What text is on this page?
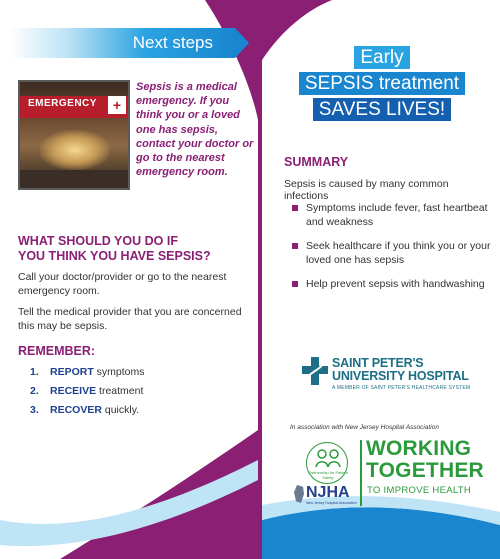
Next steps
EMERGENCY	+

Sepsis is a medical emergency. If you think you or a loved one has sepsis, contact your doctor or go to the nearest emergency room.

WHAT SHOULD YOU DO IF
YOU THINK YOU HAVE SEPSIS?

Call your doctor/provider or go to the nearest emergency room.

Tell the medical provider that you are concerned this may be sepsis.

REMEMBER:
1. REPORT symptoms
2. RECEIVE treatment
3. RECOVER quickly.
Early
SEPSIS treatment
SAVES LIVES!
SUMMARY

Sepsis is caused by many common infections

Symptoms include fever, fast heartbeat and weakness
Seek healthcare if you think you or your loved one has sepsis
Help prevent sepsis with handwashing
SAINT PETER'S
UNIVERSITY HOSPITAL
A MEMBER OF SAINT PETER'S HEALTHCARE SYSTEM

In association with New Jersey Hospital Association

Partnership for Patient Safety
NJHA
New Jersey Hospital Association
WORKING
TOGETHER
TO IMPROVE HEALTH
